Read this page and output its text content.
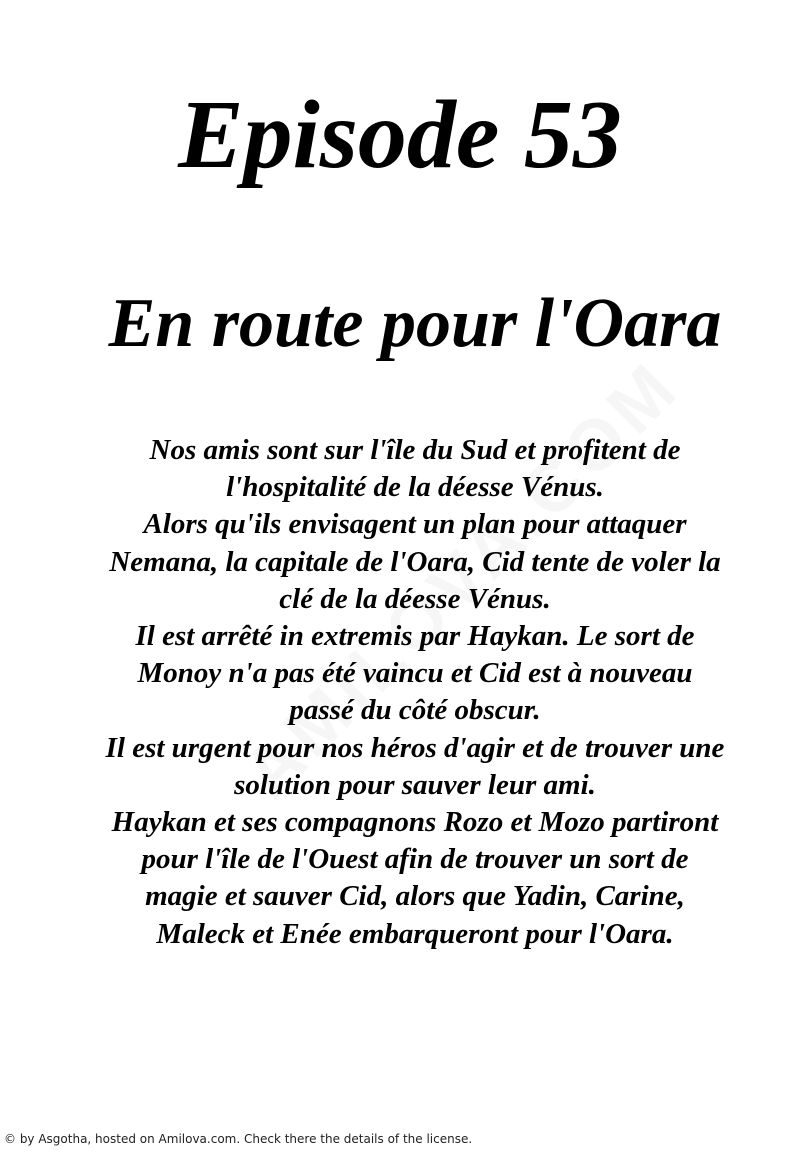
Episode 53
En route pour l'Oara
Nos amis sont sur l'île du Sud et profitent de
l'hospitalité de la déesse Vénus.
Alors qu'ils envisagent un plan pour attaquer
Nemana, la capitale de l'Oara, Cid tente de voler la
clé de la déesse Vénus.
Il est arrêté in extremis par Haykan. Le sort de
Monoy n'a pas été vaincu et Cid est à nouveau
passé du côté obscur.
Il est urgent pour nos héros d'agir et de trouver une
solution pour sauver leur ami.
Haykan et ses compagnons Rozo et Mozo partiront
pour l'île de l'Ouest afin de trouver un sort de
magie et sauver Cid, alors que Yadin, Carine,
Maleck et Enée embarqueront pour l'Oara.
© by Asgotha, hosted on Amilova.com. Check there the details of the license.
